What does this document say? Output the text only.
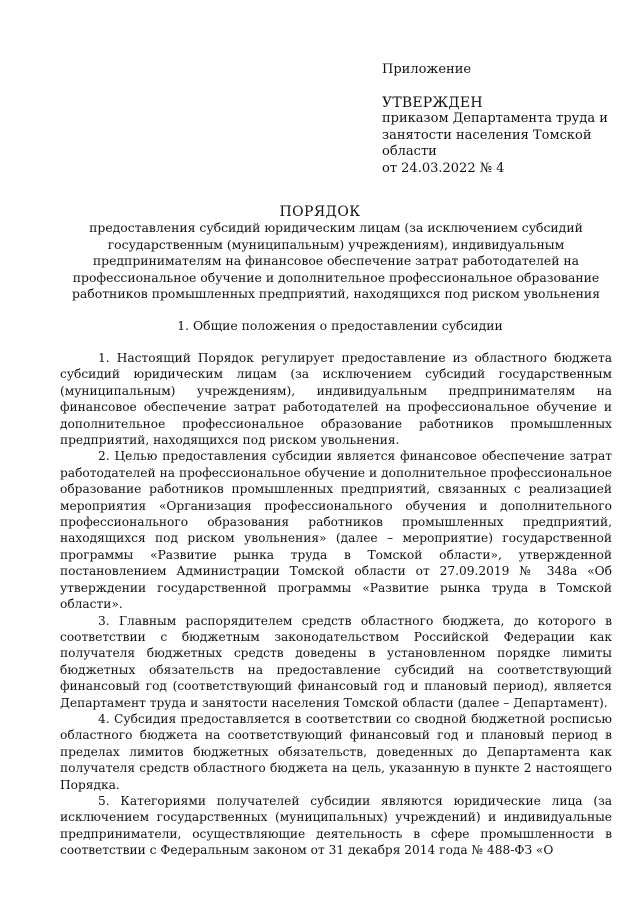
Приложение
УТВЕРЖДЕН
приказом Департамента труда и
занятости населения Томской области
от 24.03.2022 № 4
ПОРЯДОК
предоставления субсидий юридическим лицам (за исключением субсидий государственным (муниципальным) учреждениям), индивидуальным предпринимателям на финансовое обеспечение затрат работодателей на профессиональное обучение и дополнительное профессиональное образование работников промышленных предприятий, находящихся под риском увольнения
1. Общие положения о предоставлении субсидии

1. Настоящий Порядок регулирует предоставление из областного бюджета субсидий юридическим лицам (за исключением субсидий государственным (муниципальным) учреждениям), индивидуальным предпринимателям на финансовое обеспечение затрат работодателей на профессиональное обучение и дополнительное профессиональное образование работников промышленных предприятий, находящихся под риском увольнения.

2. Целью предоставления субсидии является финансовое обеспечение затрат работодателей на профессиональное обучение и дополнительное профессиональное образование работников промышленных предприятий, связанных с реализацией мероприятия «Организация профессионального обучения и дополнительного профессионального образования работников промышленных предприятий, находящихся под риском увольнения» (далее – мероприятие) государственной программы «Развитие рынка труда в Томской области», утвержденной постановлением Администрации Томской области от 27.09.2019 № 348а «Об утверждении государственной программы «Развитие рынка труда в Томской области».

3. Главным распорядителем средств областного бюджета, до которого в соответствии с бюджетным законодательством Российской Федерации как получателя бюджетных средств доведены в установленном порядке лимиты бюджетных обязательств на предоставление субсидий на соответствующий финансовый год (соответствующий финансовый год и плановый период), является Департамент труда и занятости населения Томской области (далее – Департамент).

4. Субсидия предоставляется в соответствии со сводной бюджетной росписью областного бюджета на соответствующий финансовый год и плановый период в пределах лимитов бюджетных обязательств, доведенных до Департамента как получателя средств областного бюджета на цель, указанную в пункте 2 настоящего Порядка.

5. Категориями получателей субсидии являются юридические лица (за исключением государственных (муниципальных) учреждений) и индивидуальные предприниматели, осуществляющие деятельность в сфере промышленности в соответствии с Федеральным законом от 31 декабря 2014 года № 488-ФЗ «О
